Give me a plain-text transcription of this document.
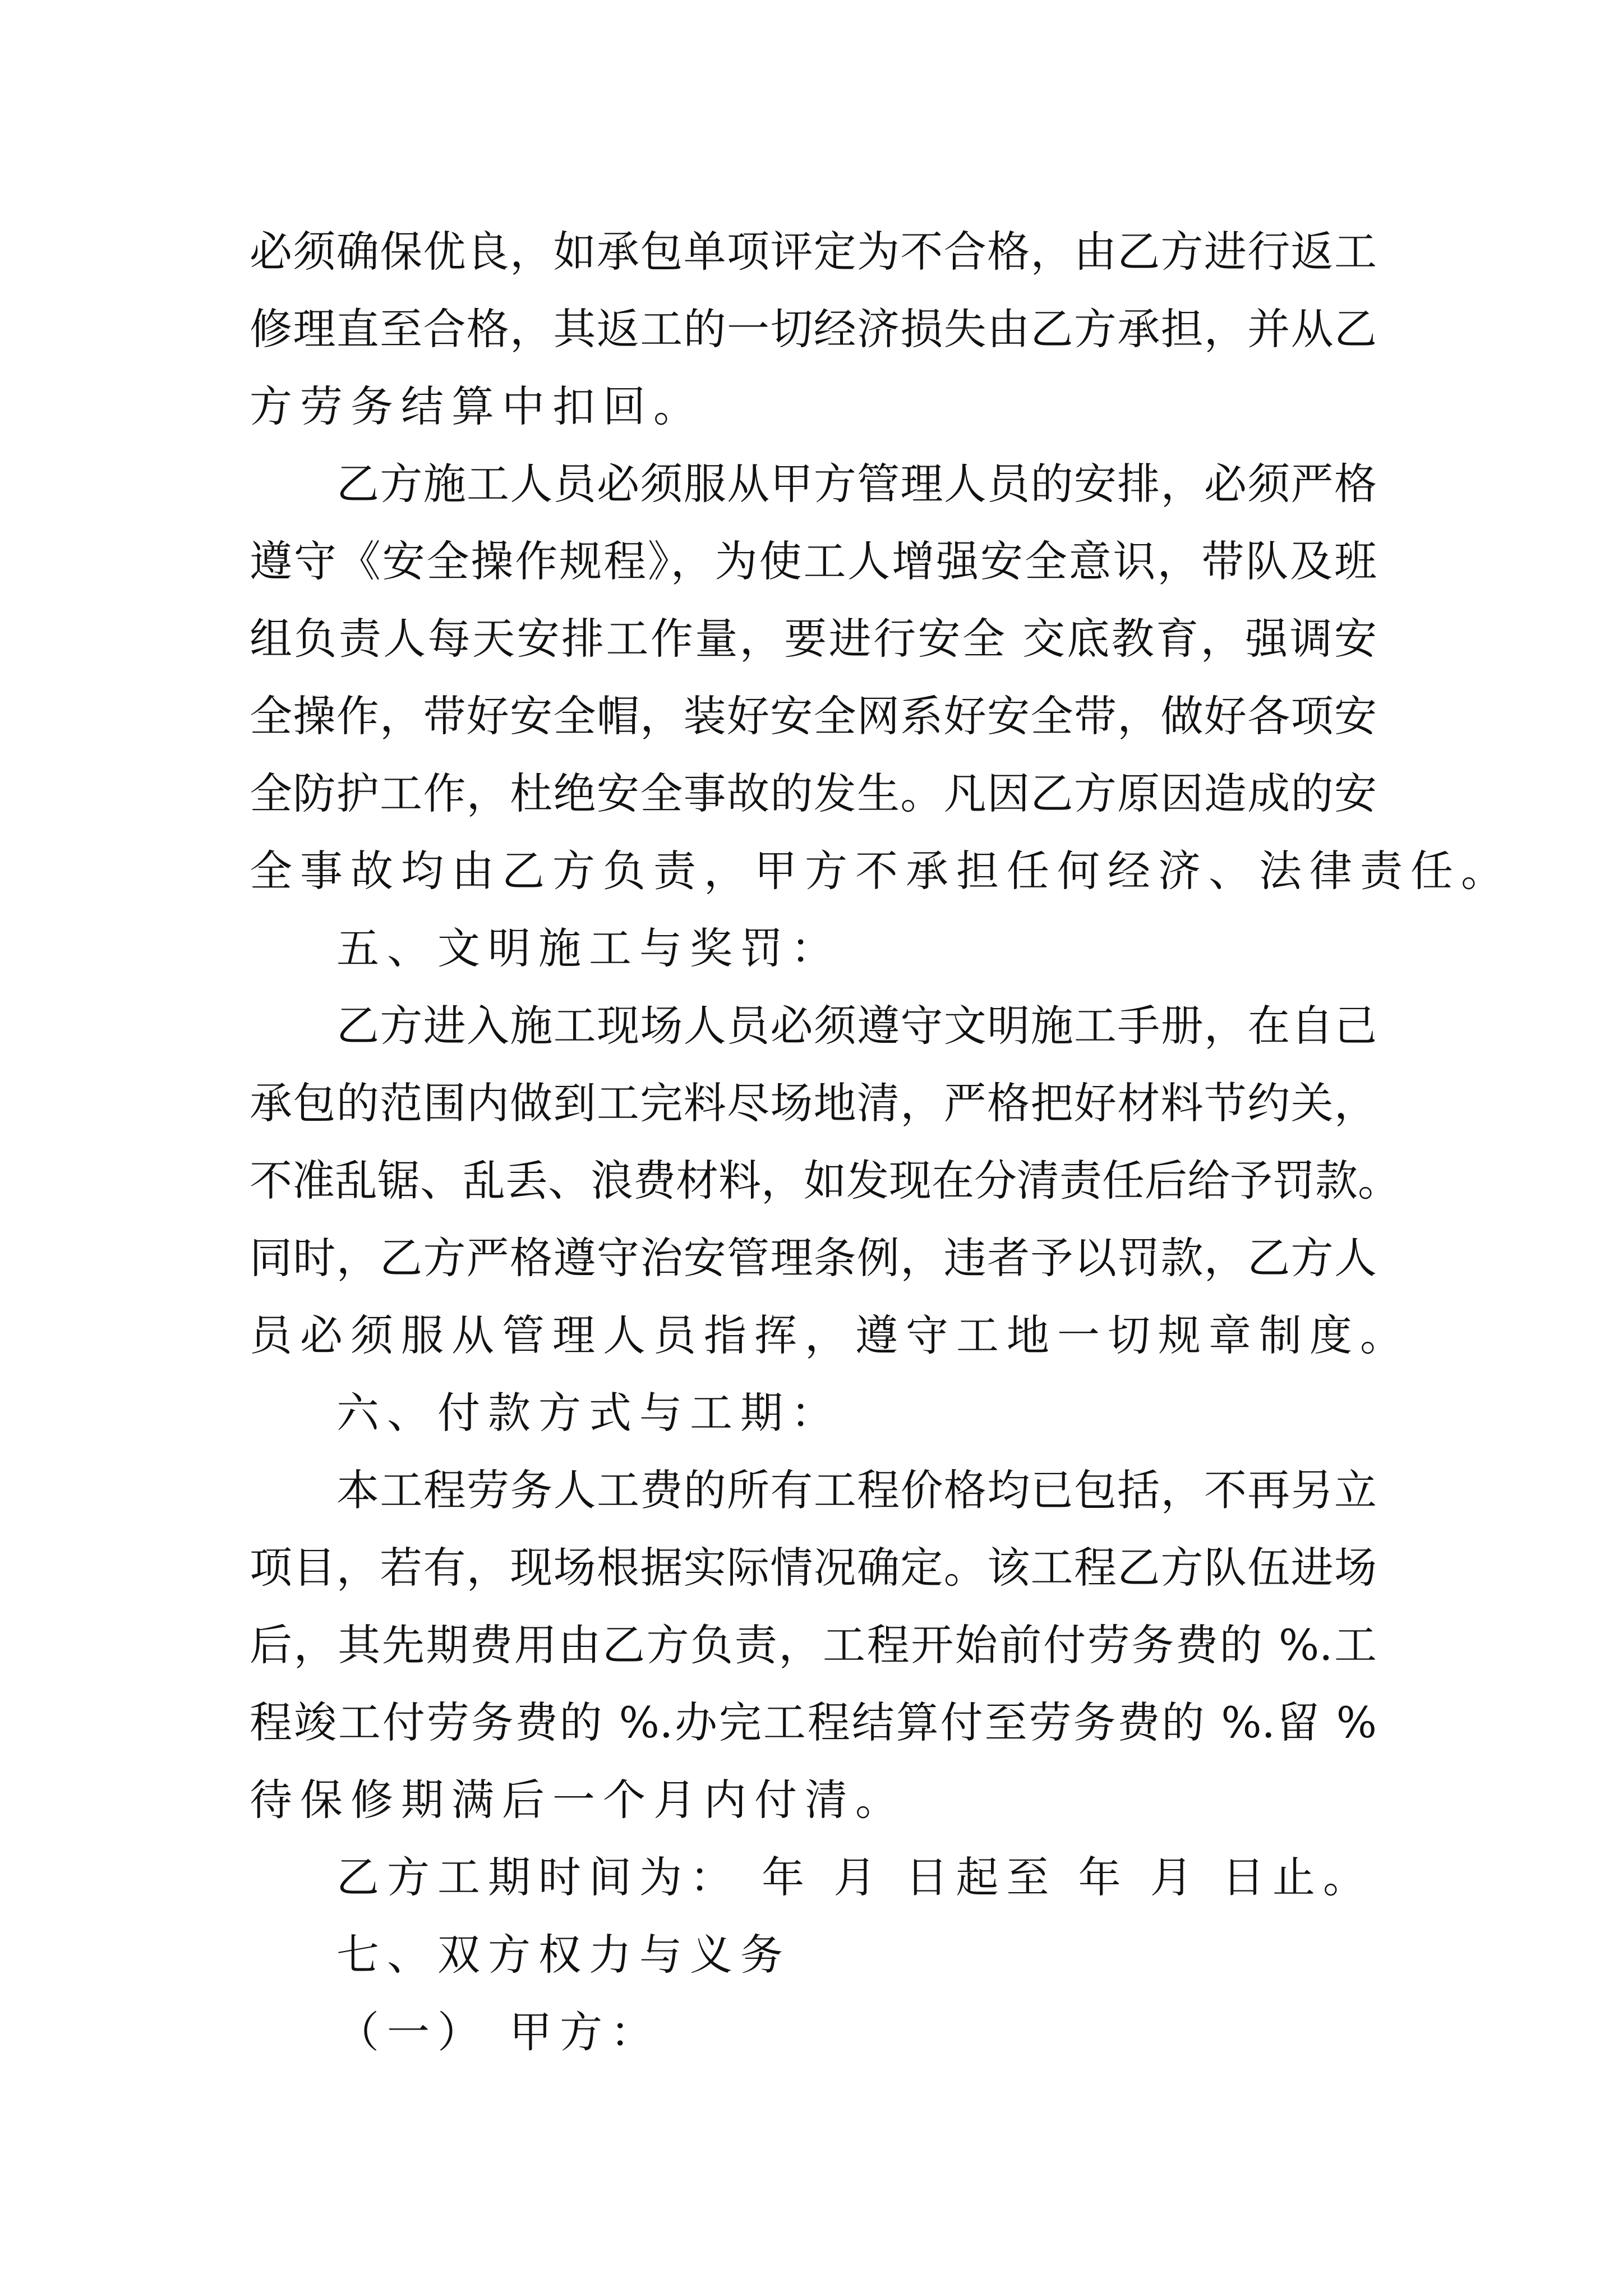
必须确保优良，如承包单项评定为不合格，由乙方进行返工

修理直至合格，其返工的一切经济损失由乙方承担，并从乙

方劳务结算中扣回。

乙方施工人员必须服从甲方管理人员的安排，必须严格

遵守《安全操作规程》，为使工人增强安全意识，带队及班

组负责人每天安排工作量，要进行安全 交底教育，强调安

全操作，带好安全帽，装好安全网系好安全带，做好各项安

全防护工作，杜绝安全事故的发生。凡因乙方原因造成的安

全事故均由乙方负责，甲方不承担任何经济、法律责任。

五、文明施工与奖罚：

乙方进入施工现场人员必须遵守文明施工手册，在自己

承包的范围内做到工完料尽场地清，严格把好材料节约关，

不准乱锯、乱丢、浪费材料，如发现在分清责任后给予罚款。

同时，乙方严格遵守治安管理条例，违者予以罚款，乙方人

员必须服从管理人员指挥，遵守工地一切规章制度。

六、付款方式与工期：

本工程劳务人工费的所有工程价格均已包括，不再另立

项目，若有，现场根据实际情况确定。该工程乙方队伍进场

后，其先期费用由乙方负责，工程开始前付劳务费的 %.工

程竣工付劳务费的 %.办完工程结算付至劳务费的 %.留 %

待保修期满后一个月内付清。

乙方工期时间为： 年 月 日起至 年 月 日止。

七、双方权力与义务

（一） 甲方：
